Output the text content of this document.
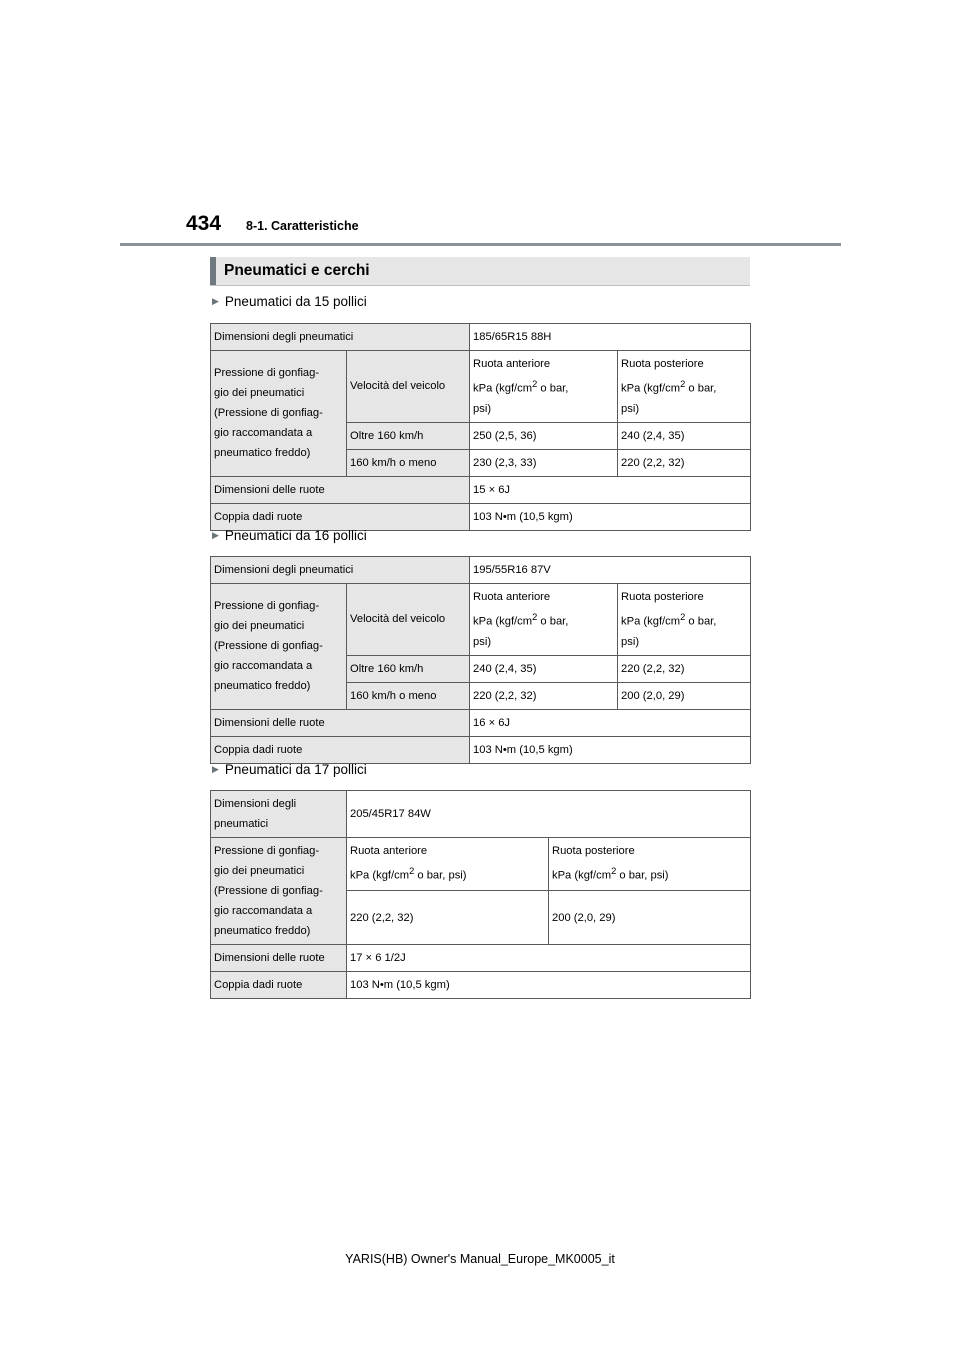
434 8-1. Caratteristiche
Pneumatici e cerchi
▶ Pneumatici da 15 pollici
Dimensioni degli pneumatici		185/65R15 88H	

Pressione di gonfiag-
gio dei pneumatici
(Pressione di gonfiag-
gio raccomandata a
pneumatico freddo)	Velocità del veicolo	Ruota anteriore
kPa ($kgf/cm^2$ o bar,
psi)	Ruota posteriore
kPa ($kgf/cm^2$ o bar,
psi)

	Oltre 160 km/h	250 (2,5, 36)	240 (2,4, 35)
	160 km/h o meno	230 (2,3, 33)	220 (2,2, 32)
Dimensioni delle ruote		15 × 6J	
Coppia dadi ruote		103 N•m (10,5 kgm)	
▶ Pneumatici da 16 pollici
Dimensioni degli pneumatici		195/55R16 87V	

Pressione di gonfiag-
gio dei pneumatici
(Pressione di gonfiag-
gio raccomandata a
pneumatico freddo)	Velocità del veicolo	Ruota anteriore
kPa ($kgf/cm^2$ o bar,
psi)	Ruota posteriore
kPa ($kgf/cm^2$ o bar,
psi)

	Oltre 160 km/h	240 (2,4, 35)	220 (2,2, 32)
	160 km/h o meno	220 (2,2, 32)	200 (2,0, 29)
Dimensioni delle ruote		16 × 6J	
Coppia dadi ruote		103 N•m (10,5 kgm)	
▶ Pneumatici da 17 pollici
Dimensioni degli
pneumatici	205/45R17 84W	

Pressione di gonfiag-
gio dei pneumatici
(Pressione di gonfiag-
gio raccomandata a
pneumatico freddo)	Ruota anteriore
kPa ($kgf/cm^2$ o bar, psi)	Ruota posteriore
kPa ($kgf/cm^2$ o bar, psi)

	220 (2,2, 32)	200 (2,0, 29)
Dimensioni delle ruote	17 × 6 1/2J	
Coppia dadi ruote	103 N•m (10,5 kgm)	
YARIS(HB) Owner's Manual_Europe_MK0005_it
